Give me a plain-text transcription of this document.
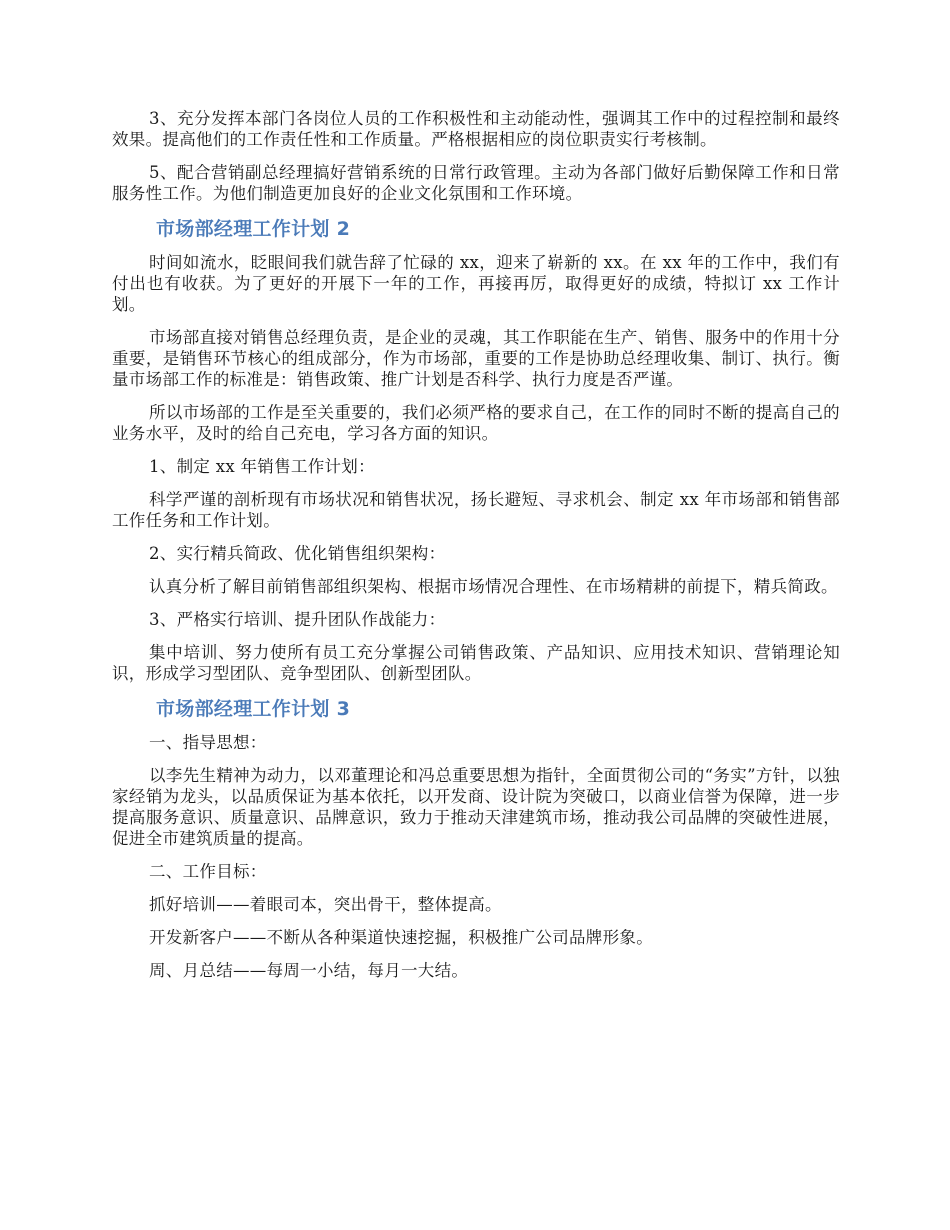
3、充分发挥本部门各岗位人员的工作积极性和主动能动性，强调其工作中的过程控制和最终效果。提高他们的工作责任性和工作质量。严格根据相应的岗位职责实行考核制。

5、配合营销副总经理搞好营销系统的日常行政管理。主动为各部门做好后勤保障工作和日常服务性工作。为他们制造更加良好的企业文化氛围和工作环境。

市场部经理工作计划 2

时间如流水，眨眼间我们就告辞了忙碌的 xx，迎来了崭新的 xx。在 xx 年的工作中，我们有付出也有收获。为了更好的开展下一年的工作，再接再厉，取得更好的成绩，特拟订 xx 工作计划。

市场部直接对销售总经理负责，是企业的灵魂，其工作职能在生产、销售、服务中的作用十分重要，是销售环节核心的组成部分，作为市场部，重要的工作是协助总经理收集、制订、执行。衡量市场部工作的标准是：销售政策、推广计划是否科学、执行力度是否严谨。

所以市场部的工作是至关重要的，我们必须严格的要求自己，在工作的同时不断的提高自己的业务水平，及时的给自己充电，学习各方面的知识。

1、制定 xx 年销售工作计划：

科学严谨的剖析现有市场状况和销售状况，扬长避短、寻求机会、制定 xx 年市场部和销售部工作任务和工作计划。

2、实行精兵简政、优化销售组织架构：

认真分析了解目前销售部组织架构、根据市场情况合理性、在市场精耕的前提下，精兵简政。

3、严格实行培训、提升团队作战能力：

集中培训、努力使所有员工充分掌握公司销售政策、产品知识、应用技术知识、营销理论知识，形成学习型团队、竞争型团队、创新型团队。

市场部经理工作计划 3

一、指导思想：

以李先生精神为动力，以邓董理论和冯总重要思想为指针，全面贯彻公司的“务实”方针，以独家经销为龙头，以品质保证为基本依托，以开发商、设计院为突破口，以商业信誉为保障，进一步提高服务意识、质量意识、品牌意识，致力于推动天津建筑市场，推动我公司品牌的突破性进展，促进全市建筑质量的提高。

二、工作目标：

抓好培训——着眼司本，突出骨干，整体提高。

开发新客户——不断从各种渠道快速挖掘，积极推广公司品牌形象。

周、月总结——每周一小结，每月一大结。
